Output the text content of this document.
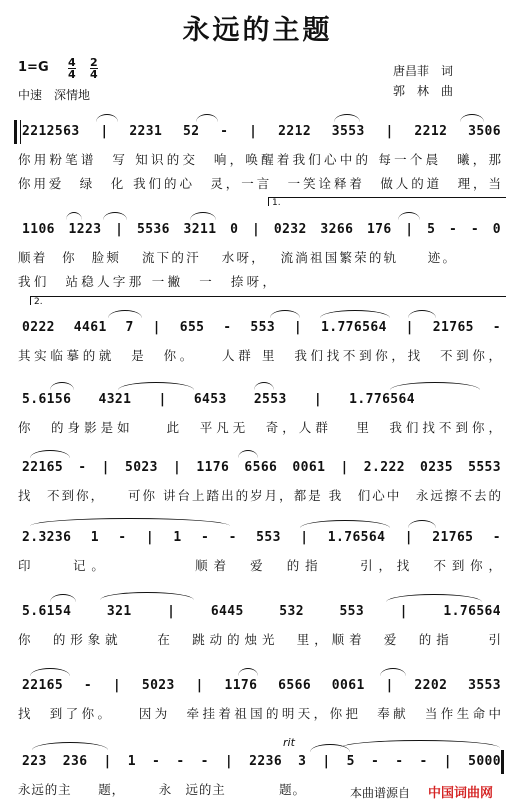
永远的主题
1=G 4
4
2
4
中速　深情地
唐昌菲　词
郭　林　曲
2212563 | 2231 52 - | 2212 3553 | 2212 3506
你用粉笔谱　写 知识的交　响，唤醒着我们心中的 每一个晨　曦，那
你用爱　绿　化 我们的心　灵，一言　一笑诠释着　做人的道　理，当
1.
1106 1223 | 5536 3211 0 | 0232 3266 176 | 5 - - 0
顺着　你　脸颊　 流下的汗　 水呀，　 流淌祖国繁荣的轨　　迹。
我们　站稳人字那 一撇　一　捺呀，
2.
0222 4461 7 | 655 - 553 | 1.776564 | 21765 -
其实临摹的就　是　你。　　人群 里　我们找不到你，找　不到你，
5.6156 4321 | 6453 2553 | 1.776564
你　的身影是如　　此　平凡无　奇，人群　 里　我们找不到你，
22165 - | 5023 | 1176 6566 0061 | 2.222 0235 5553
找　不到你，　　可你 讲台上踏出的岁月，都是 我　们心中　永远擦不去的
2.3236 1 - | 1 - - 553 | 1.76564 | 21765 -
印　　记。　　　　　顺着　爱　的指　　引，找　不到你，
5.6154 321 | 6445 532 553 | 1.76564
你　的形象就　　在　跳动的烛光　里，顺着　爱　的指　　引
22165 - | 5023 | 1176 6566 0061 | 2202 3553
找　到了你。　　因为　牵挂着祖国的明天，你把　奉献　当作生命中
rit
223 236 | 1 - - - | 2236 3 | 5 - - - | 5000
永远的主　　题，　　　永　远的主　　　　题。	本曲谱源自 中国词曲网
